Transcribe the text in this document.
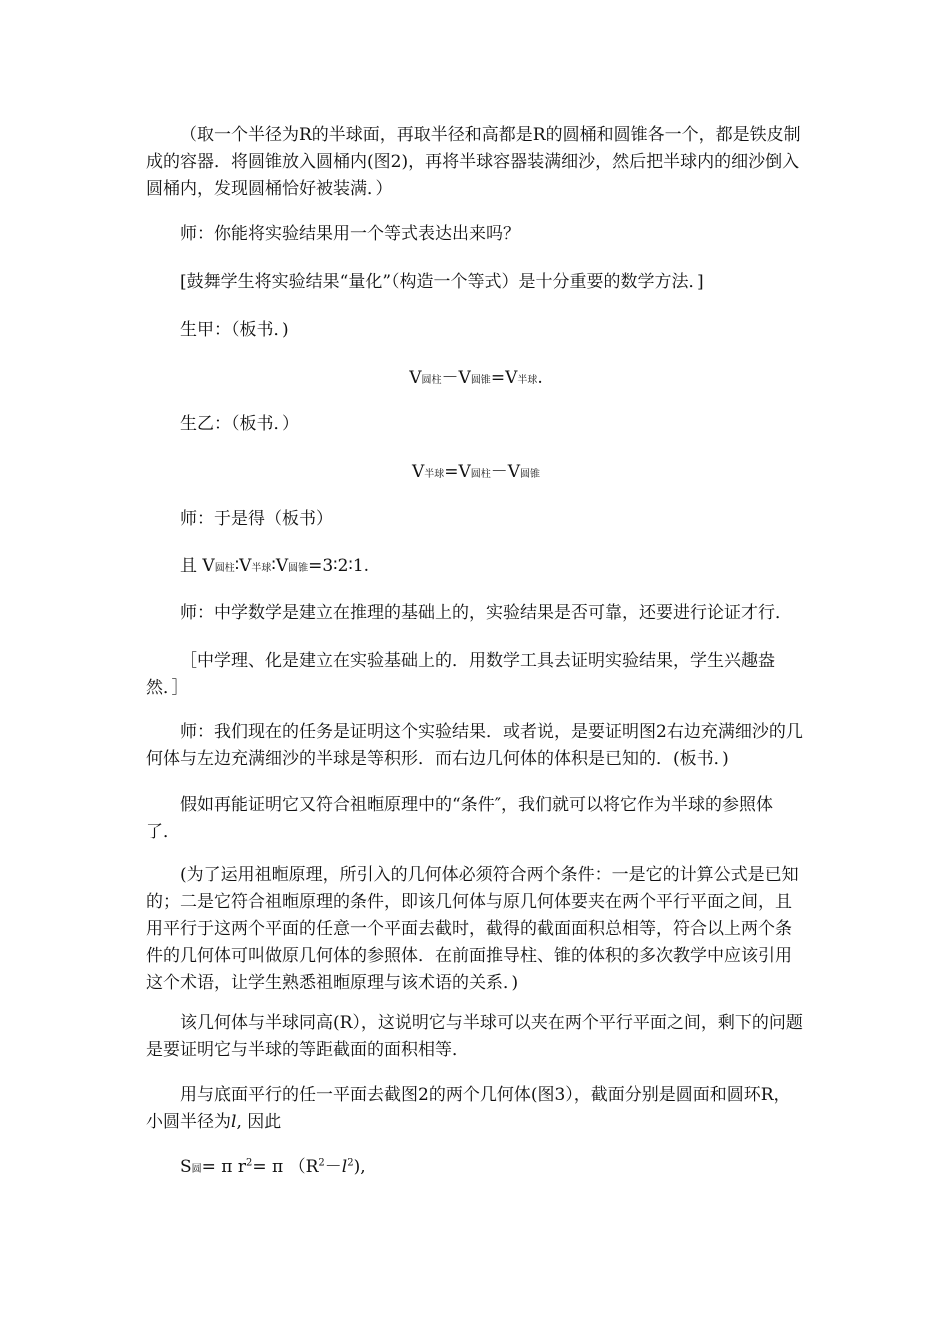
（取一个半径为R的半球面，再取半径和高都是R的圆桶和圆锥各一个，都是铁皮制成的容器．将圆锥放入圆桶内(图2)，再将半球容器装满细沙，然后把半球内的细沙倒入圆桶内，发现圆桶恰好被装满．）

师：你能将实验结果用一个等式表达出来吗？

[鼓舞学生将实验结果“量化”（构造一个等式）是十分重要的数学方法．]

生甲：（板书．)

V圆柱－V圆锥=V半球.

生乙：（板书．）

V半球=V圆柱－V圆锥

师：于是得（板书）

且 V圆柱∶V半球∶V圆锥=3∶2∶1.

师：中学数学是建立在推理的基础上的，实验结果是否可靠，还要进行论证才行．

［中学理、化是建立在实验基础上的．用数学工具去证明实验结果，学生兴趣盎然．］

师：我们现在的任务是证明这个实验结果．或者说，是要证明图2右边充满细沙的几何体与左边充满细沙的半球是等积形．而右边几何体的体积是已知的．(板书．)

假如再能证明它又符合祖暅原理中的“条件″，我们就可以将它作为半球的参照体了．

(为了运用祖暅原理，所引入的几何体必须符合两个条件：一是它的计算公式是已知的；二是它符合祖暅原理的条件，即该几何体与原几何体要夹在两个平行平面之间，且用平行于这两个平面的任意一个平面去截时，截得的截面面积总相等，符合以上两个条件的几何体可叫做原几何体的参照体．在前面推导柱、锥的体积的多次教学中应该引用这个术语，让学生熟悉祖暅原理与该术语的关系．)

该几何体与半球同高(R），这说明它与半球可以夹在两个平行平面之间，剩下的问题是要证明它与半球的等距截面的面积相等．

用与底面平行的任一平面去截图2的两个几何体(图3），截面分别是圆面和圆环R，小圆半径为l, 因此

S圆= π $r^2= \pi$ $(R^2-l^2)$,
